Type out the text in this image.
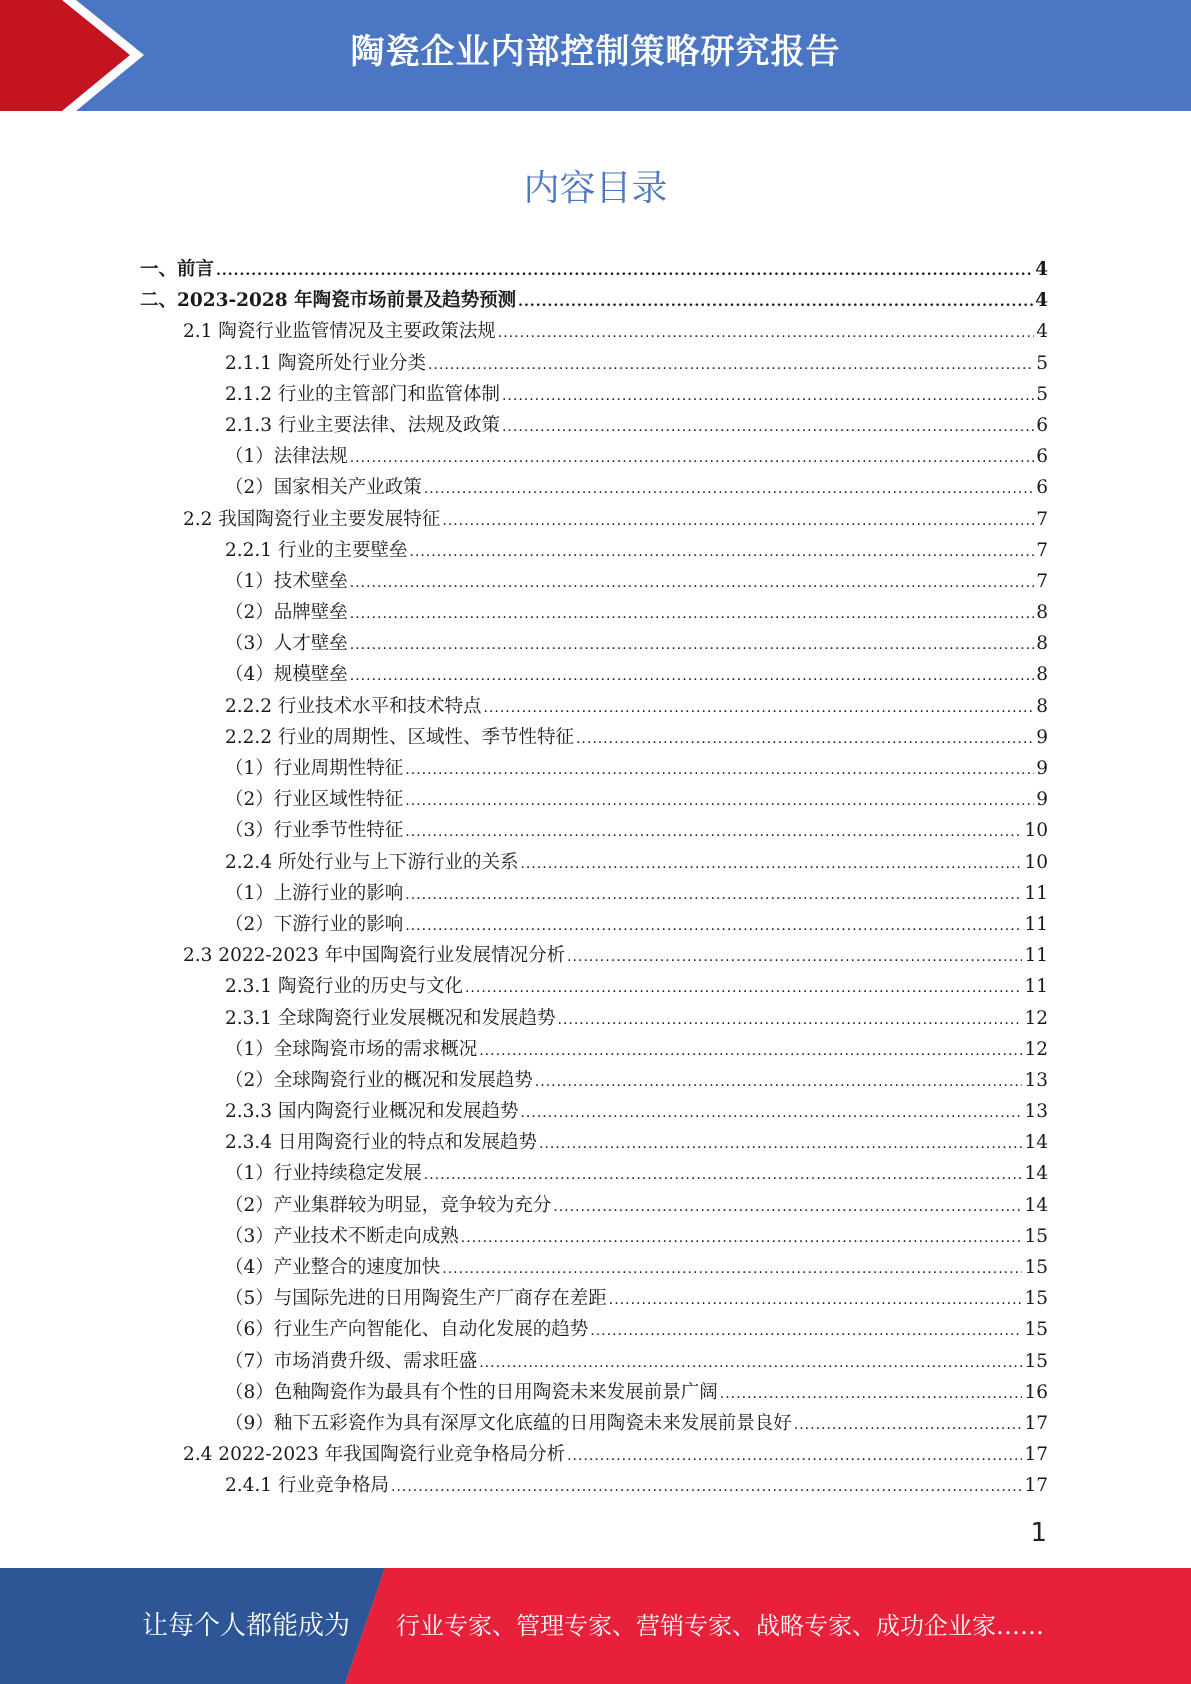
陶瓷企业内部控制策略研究报告
内容目录
一、前言 .....	4
二、2023-2028 年陶瓷市场前景及趋势预测 .....	4
2.1 陶瓷行业监管情况及主要政策法规 .....	4
2.1.1 陶瓷所处行业分类 .....	5
2.1.2 行业的主管部门和监管体制 .....	5
2.1.3 行业主要法律、法规及政策 .....	6
（1）法律法规 .....	6
（2）国家相关产业政策 .....	6
2.2 我国陶瓷行业主要发展特征 .....	7
2.2.1 行业的主要壁垒 .....	7
（1）技术壁垒 .....	7
（2）品牌壁垒 .....	8
（3）人才壁垒 .....	8
（4）规模壁垒 .....	8
2.2.2 行业技术水平和技术特点 .....	8
2.2.2 行业的周期性、区域性、季节性特征 .....	9
（1）行业周期性特征 .....	9
（2）行业区域性特征 .....	9
（3）行业季节性特征 .....	10
2.2.4 所处行业与上下游行业的关系 .....	10
（1）上游行业的影响 .....	11
（2）下游行业的影响 .....	11
2.3 2022-2023 年中国陶瓷行业发展情况分析 .....	11
2.3.1 陶瓷行业的历史与文化 .....	11
2.3.1 全球陶瓷行业发展概况和发展趋势 .....	12
（1）全球陶瓷市场的需求概况 .....	12
（2）全球陶瓷行业的概况和发展趋势 .....	13
2.3.3 国内陶瓷行业概况和发展趋势 .....	13
2.3.4 日用陶瓷行业的特点和发展趋势 .....	14
（1）行业持续稳定发展 .....	14
（2）产业集群较为明显，竞争较为充分 .....	14
（3）产业技术不断走向成熟 .....	15
（4）产业整合的速度加快 .....	15
（5）与国际先进的日用陶瓷生产厂商存在差距 .....	15
（6）行业生产向智能化、自动化发展的趋势 .....	15
（7）市场消费升级、需求旺盛 .....	15
（8）色釉陶瓷作为最具有个性的日用陶瓷未来发展前景广阔 .....	16
（9）釉下五彩瓷作为具有深厚文化底蕴的日用陶瓷未来发展前景良好 .....	17
2.4 2022-2023 年我国陶瓷行业竞争格局分析 .....	17
2.4.1 行业竞争格局 .....	17
1
让每个人都能成为 行业专家、管理专家、营销专家、战略专家、成功企业家……
